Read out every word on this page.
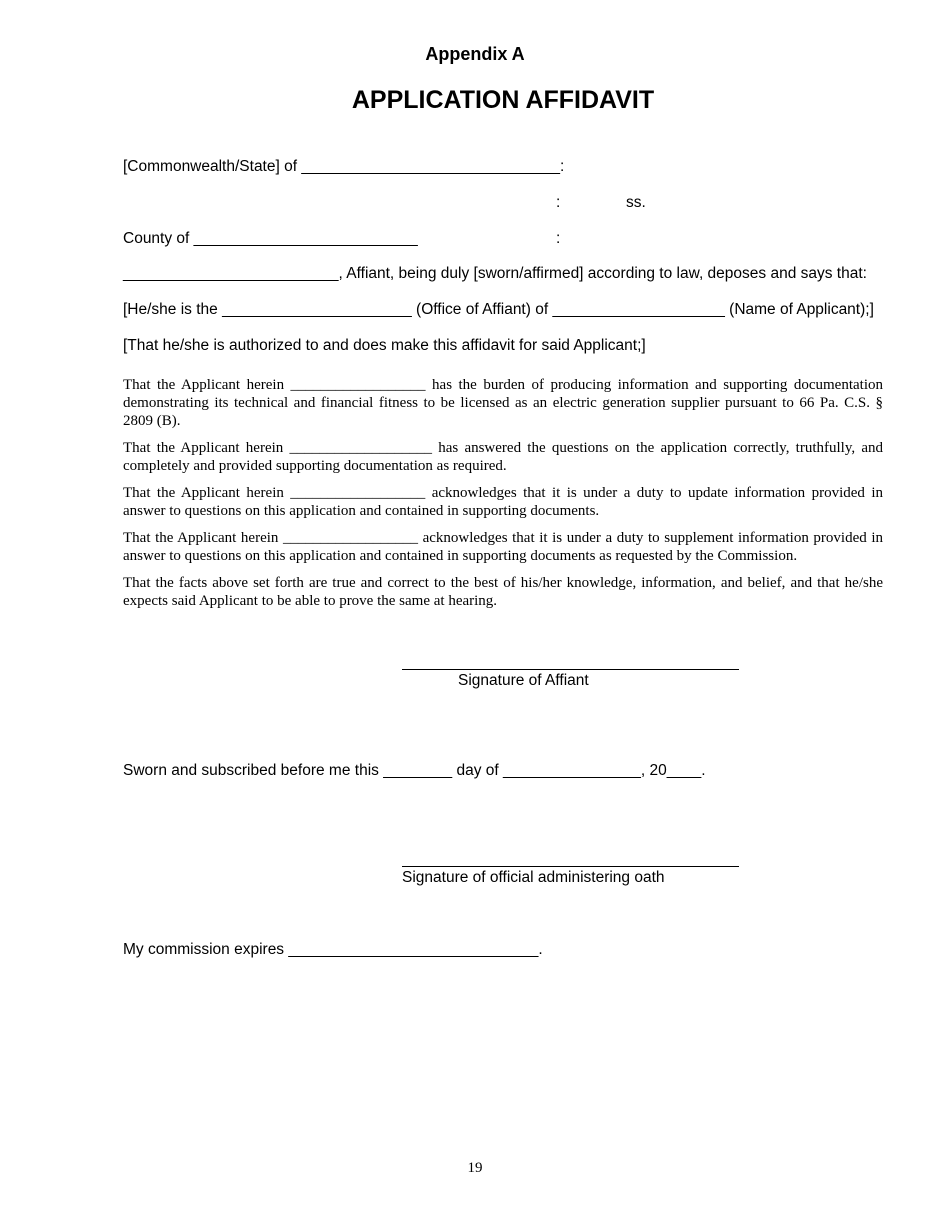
Appendix A
APPLICATION AFFIDAVIT
[Commonwealth/State] of ______________________________ :
:	ss.
County of __________________________	:
_________________________, Affiant, being duly [sworn/affirmed] according to law, deposes and says that:
[He/she is the ______________________ (Office of Affiant) of ____________________ (Name of Applicant);]
[That he/she is authorized to and does make this affidavit for said Applicant;]

That the Applicant herein __________________ has the burden of producing information and supporting documentation demonstrating its technical and financial fitness to be licensed as an electric generation supplier pursuant to 66 Pa. C.S. § 2809 (B).

That the Applicant herein ___________________ has answered the questions on the application correctly, truthfully, and completely and provided supporting documentation as required.

That the Applicant herein __________________ acknowledges that it is under a duty to update information provided in answer to questions on this application and contained in supporting documents.

That the Applicant herein __________________ acknowledges that it is under a duty to supplement information provided in answer to questions on this application and contained in supporting documents as requested by the Commission.

That the facts above set forth are true and correct to the best of his/her knowledge, information, and belief, and that he/she expects said Applicant to be able to prove the same at hearing.

Signature of Affiant
Sworn and subscribed before me this ________ day of ________________, 20____.
Signature of official administering oath
My commission expires _____________________________.
19
